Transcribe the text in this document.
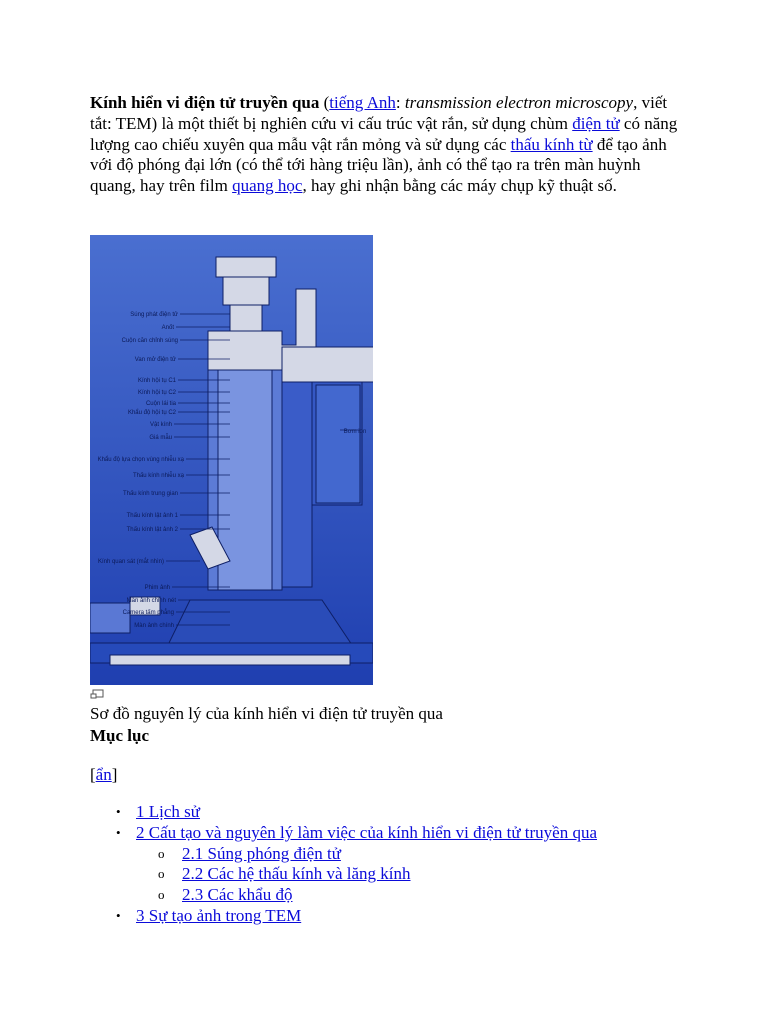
Kính hiển vi điện tử truyền qua (tiếng Anh: transmission electron microscopy, viết tắt: TEM) là một thiết bị nghiên cứu vi cấu trúc vật rắn, sử dụng chùm điện tử có năng lượng cao chiếu xuyên qua mẫu vật rắn mỏng và sử dụng các thấu kính từ để tạo ảnh với độ phóng đại lớn (có thể tới hàng triệu lần), ảnh có thể tạo ra trên màn huỳnh quang, hay trên film quang học, hay ghi nhận bằng các máy chụp kỹ thuật số.

Súng phát điện tử
Anốt
Cuộn căn chỉnh súng
Van mở điện tử
Kính hội tụ C1
Kính hội tụ C2
Cuộn lái tia
Khẩu độ hội tụ C2
Vật kính
Giá mẫu
Khẩu độ lựa chọn vùng nhiễu xạ
Thấu kính nhiễu xạ
Thấu kính trung gian
Thấu kính lật ảnh 1
Thấu kính lật ảnh 2
Kính quan sát (mắt nhìn)
Phim ảnh
Màn ảnh chỉnh nét
Camera tấm phẳng
Màn ảnh chính
Bơm ion

Sơ đồ nguyên lý của kính hiển vi điện tử truyền qua

Mục lục

[ẩn]

• 1 Lịch sử
• 2 Cấu tạo và nguyên lý làm việc của kính hiển vi điện tử truyền qua
o 2.1 Súng phóng điện tử
o 2.2 Các hệ thấu kính và lăng kính
o 2.3 Các khẩu độ
• 3 Sự tạo ảnh trong TEM
